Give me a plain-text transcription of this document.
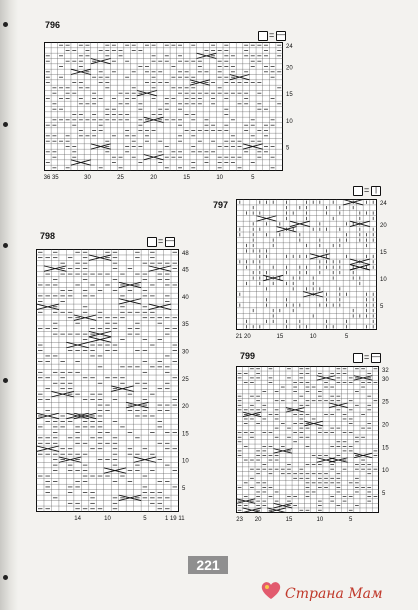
796
= —
24
20
15
10
5
36 35	30	25	20	15	10	5
797
= |
24
20
15
10
5
21 20	15	10	5
798	= —
48
45
40
35
30
25
20
15
10
5
14	10	5	1 19 11
799	= —
32
30
25
20
15
10
5
23 20	15	10	5
221
Страна Мам
